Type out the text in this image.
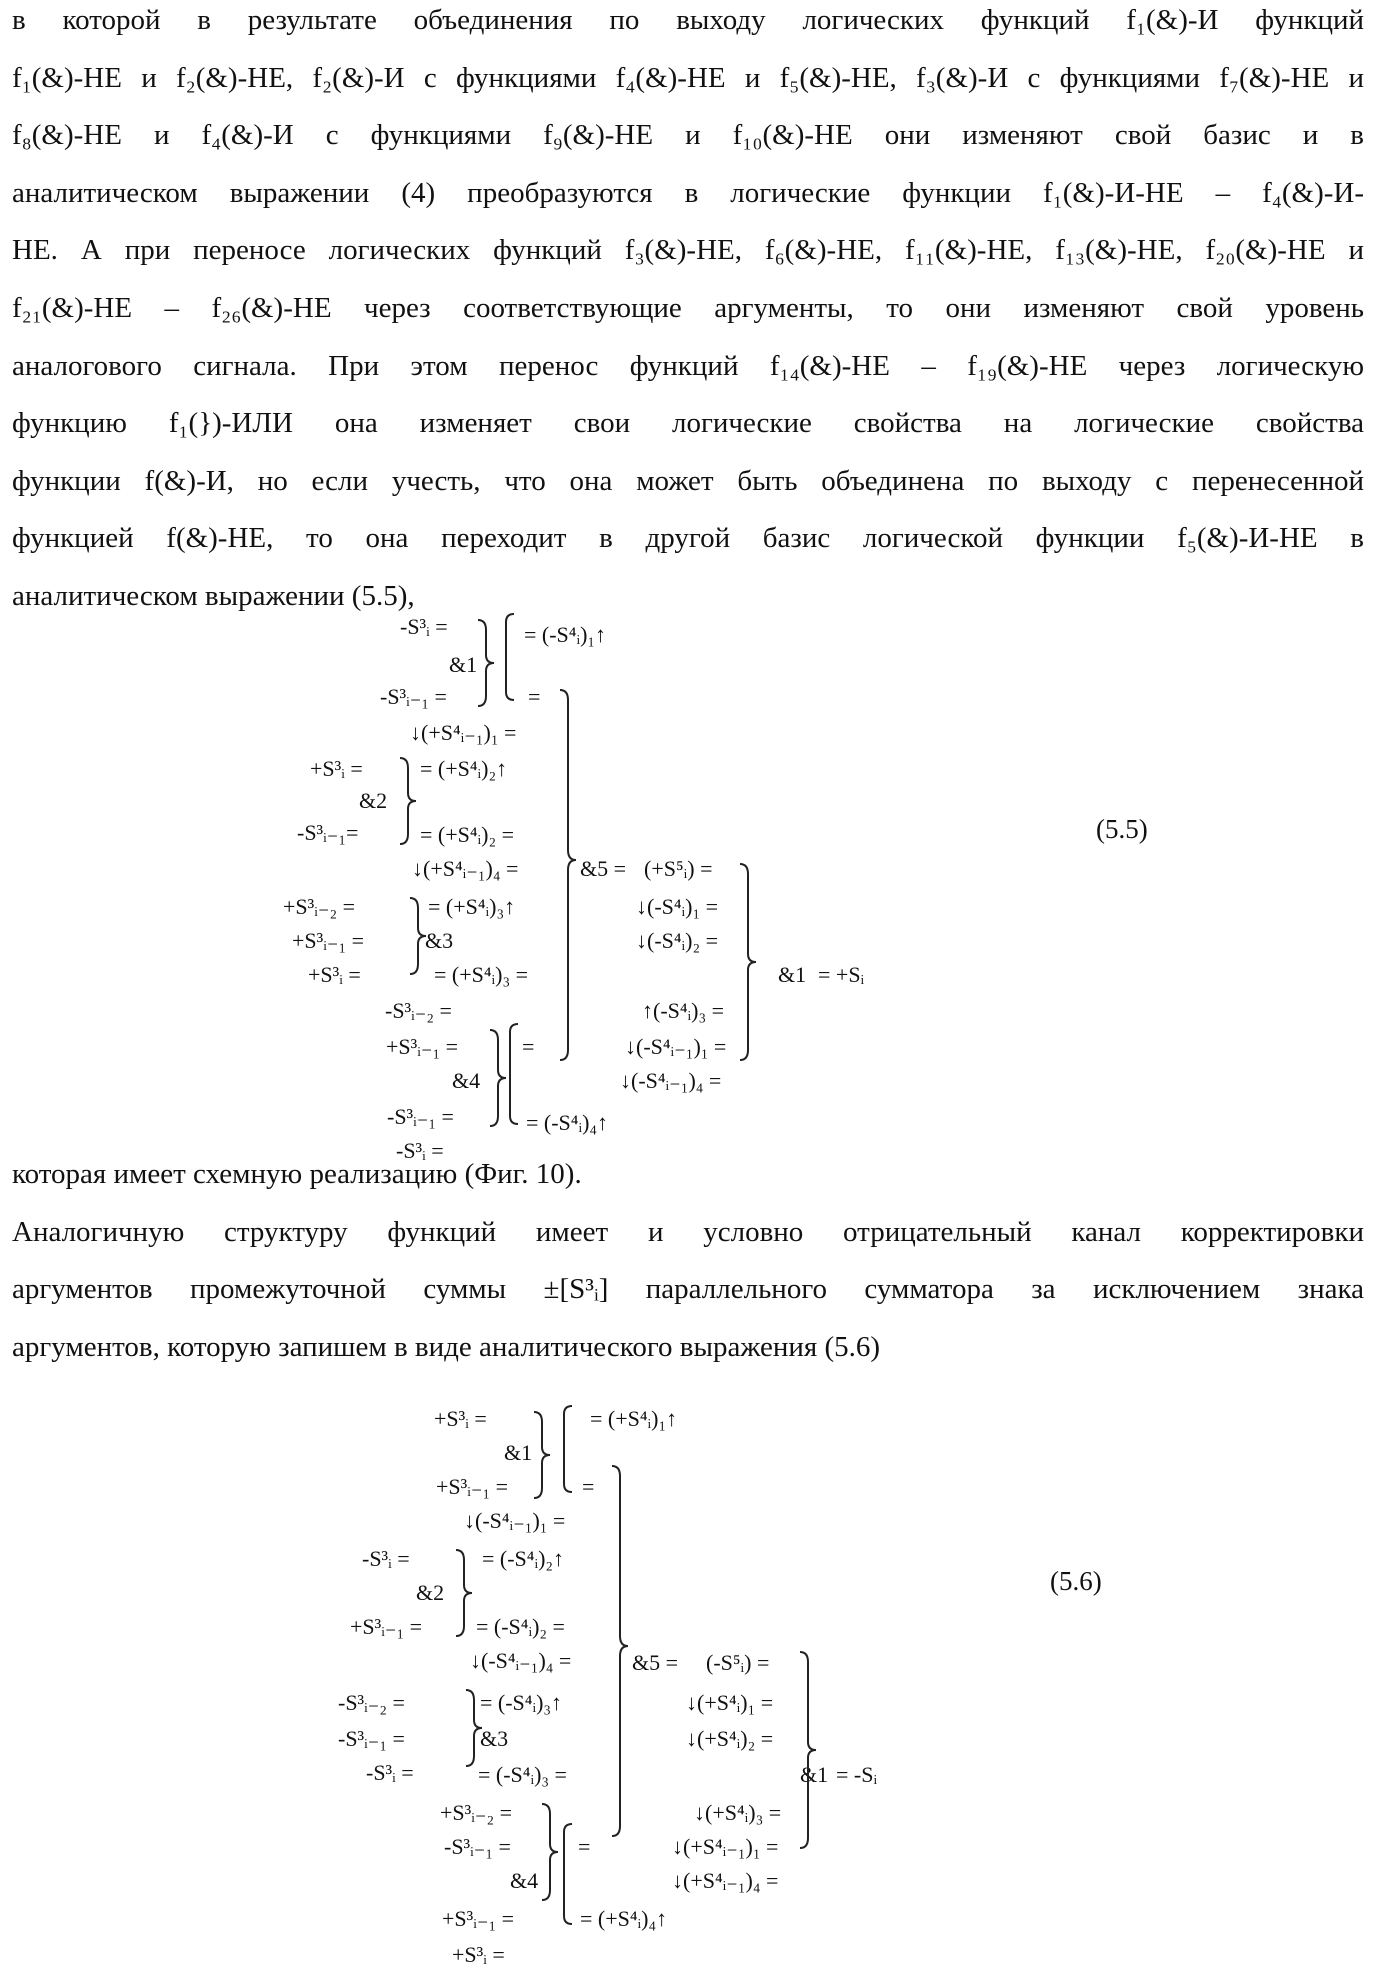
в которой в результате объединения по выходу логических функций f₁(&)-И функций
f₁(&)-НЕ и f₂(&)-НЕ, f₂(&)-И с функциями f₄(&)-НЕ и f₅(&)-НЕ, f₃(&)-И с функциями f₇(&)-НЕ и
f₈(&)-НЕ и f₄(&)-И с функциями f₉(&)-НЕ и f₁₀(&)-НЕ они изменяют свой базис и в
аналитическом выражении (4) преобразуются в логические функции f₁(&)-И-НЕ – f₄(&)-И-
НЕ. А при переносе логических функций f₃(&)-НЕ, f₆(&)-НЕ, f₁₁(&)-НЕ, f₁₃(&)-НЕ, f₂₀(&)-НЕ и
f₂₁(&)-НЕ – f₂₆(&)-НЕ через соответствующие аргументы, то они изменяют свой уровень
аналогового сигнала. При этом перенос функций f₁₄(&)-НЕ – f₁₉(&)-НЕ через логическую
функцию f₁(})-ИЛИ она изменяет свои логические свойства на логические свойства
функции f(&)-И, но если учесть, что она может быть объединена по выходу с перенесенной
функцией f(&)-НЕ, то она переходит в другой базис логической функции f₅(&)-И-НЕ в
аналитическом выражении (5.5),
(5.5)
-S³ᵢ =	= (-S⁴ᵢ)₁↑
&1
-S³ᵢ₋₁ =	=
↓(+S⁴ᵢ₋₁)₁ =
+S³ᵢ =	= (+S⁴ᵢ)₂↑
&2
-S³ᵢ₋₁=	= (+S⁴ᵢ)₂ =
↓(+S⁴ᵢ₋₁)₄ =	&5 = (+S⁵ᵢ) =
+S³ᵢ₋₂ =	= (+S⁴ᵢ)₃↑	↓(-S⁴ᵢ)₁ =
+S³ᵢ₋₁ =	&3	↓(-S⁴ᵢ)₂ =
+S³ᵢ =	= (+S⁴ᵢ)₃ =	&1 = +Sᵢ
-S³ᵢ₋₂ =	↑(-S⁴ᵢ)₃ =
+S³ᵢ₋₁ =	=	↓(-S⁴ᵢ₋₁)₁ =
&4	↓(-S⁴ᵢ₋₁)₄ =
-S³ᵢ₋₁ =	= (-S⁴ᵢ)₄↑
-S³ᵢ =
которая имеет схемную реализацию (Фиг. 10).
Аналогичную структуру функций имеет и условно отрицательный канал корректировки
аргументов промежуточной суммы ±[S³ᵢ] параллельного сумматора за исключением знака
аргументов, которую запишем в виде аналитического выражения (5.6)
(5.6)
+S³ᵢ =	= (+S⁴ᵢ)₁↑
&1
+S³ᵢ₋₁ =	=
↓(-S⁴ᵢ₋₁)₁ =
-S³ᵢ =	= (-S⁴ᵢ)₂↑
&2
+S³ᵢ₋₁ = = (-S⁴ᵢ)₂ =
↓(-S⁴ᵢ₋₁)₄ =	&5 = (-S⁵ᵢ) =
-S³ᵢ₋₂ =	= (-S⁴ᵢ)₃↑	↓(+S⁴ᵢ)₁ =
-S³ᵢ₋₁ =	&3	↓(+S⁴ᵢ)₂ =
-S³ᵢ =	= (-S⁴ᵢ)₃ =	&1 = -Sᵢ
+S³ᵢ₋₂ =	↓(+S⁴ᵢ)₃ =
-S³ᵢ₋₁ =	=	↓(+S⁴ᵢ₋₁)₁ =
&4	↓(+S⁴ᵢ₋₁)₄ =
+S³ᵢ₋₁ =	= (+S⁴ᵢ)₄↑
+S³ᵢ =
